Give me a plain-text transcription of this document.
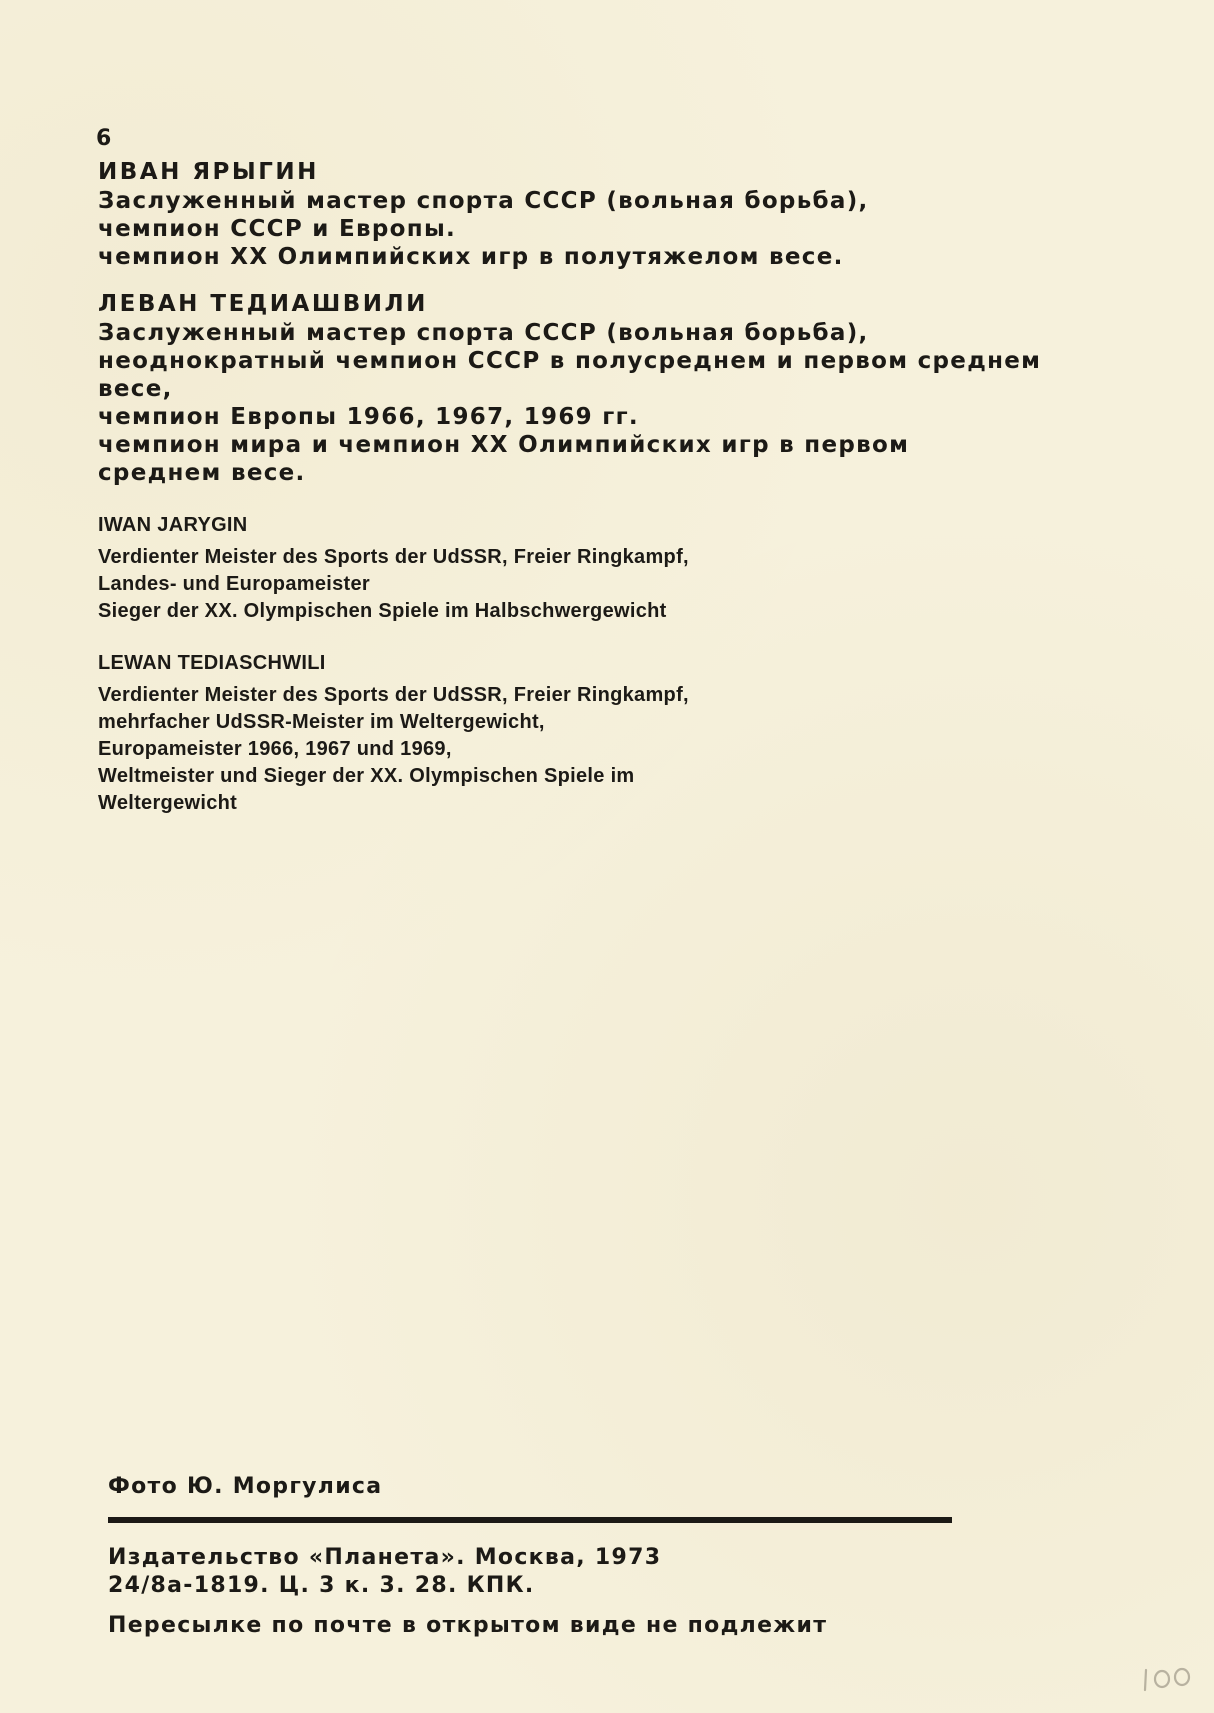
6
ИВАН ЯРЫГИН
Заслуженный мастер спорта СССР (вольная борьба),
чемпион СССР и Европы.
чемпион XX Олимпийских игр в полутяжелом весе.
ЛЕВАН ТЕДИАШВИЛИ
Заслуженный мастер спорта СССР (вольная борьба),
неоднократный чемпион СССР в полусреднем и первом среднем
весе,
чемпион Европы 1966, 1967, 1969 гг.
чемпион мира и чемпион XX Олимпийских игр в первом
среднем весе.
IWAN JARYGIN
Verdienter Meister des Sports der UdSSR, Freier Ringkampf,
Landes- und Europameister
Sieger der XX. Olympischen Spiele im Halbschwergewicht
LEWAN TEDIASCHWILI
Verdienter Meister des Sports der UdSSR, Freier Ringkampf,
mehrfacher UdSSR-Meister im Weltergewicht,
Europameister 1966, 1967 und 1969,
Weltmeister und Sieger der XX. Olympischen Spiele im
Weltergewicht
Фото Ю. Моргулиса
Издательство «Планета». Москва, 1973
24/8а-1819. Ц. 3 к. 3. 28. КПК.
Пересылке по почте в открытом виде не подлежит
